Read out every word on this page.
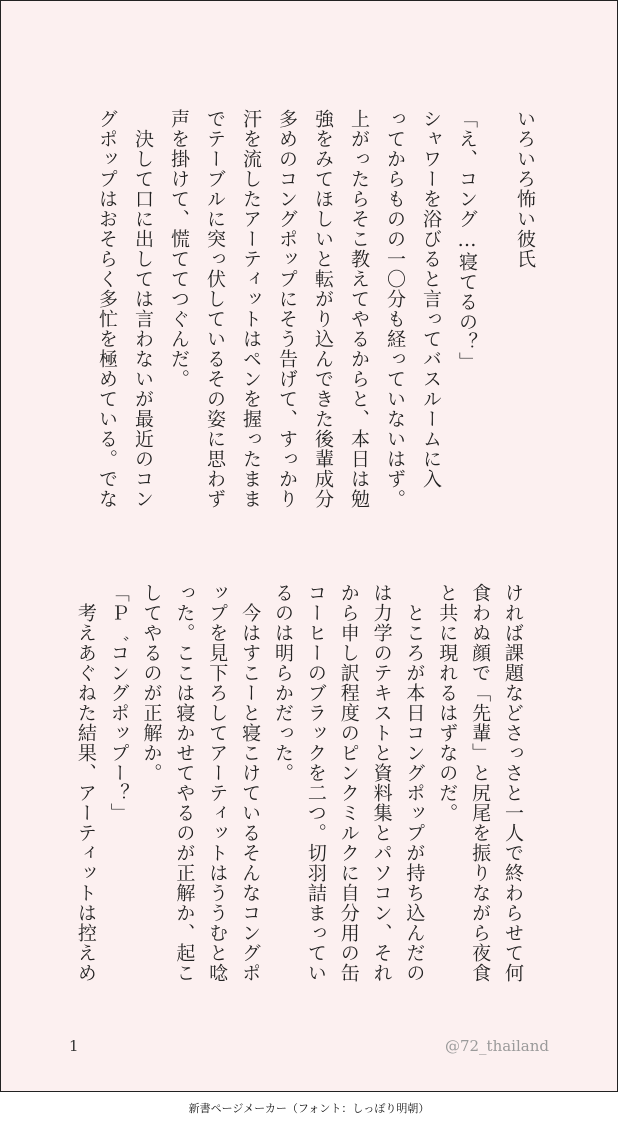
いろいろ怖い彼氏
「え、コング…寝てるの？」
シャワーを浴びると言ってバスルームに入
ってからものの一〇分も経っていないはず。
上がったらそこ教えてやるからと、本日は勉
強をみてほしいと転がり込んできた後輩成分
多めのコングポップにそう告げて、すっかり
汗を流したアーティットはペンを握ったまま
でテーブルに突っ伏しているその姿に思わず
声を掛けて、慌ててつぐんだ。
　決して口に出しては言わないが最近のコン
グポップはおそらく多忙を極めている。でな
ければ課題などさっさと一人で終わらせて何
食わぬ顔で「先輩」と尻尾を振りながら夜食
と共に現れるはずなのだ。
　ところが本日コングポップが持ち込んだの
は力学のテキストと資料集とパソコン、それ
から申し訳程度のピンクミルクに自分用の缶
コーヒーのブラックを二つ。切羽詰まってい
るのは明らかだった。
　今はすこーと寝こけているそんなコングポ
ップを見下ろしてアーティットはううむと唸
った。ここは寝かせてやるのが正解か、起こ
してやるのが正解か。
「Ｐ゛コングポップー？」
　考えあぐねた結果、アーティットは控えめ
1	@72_thailand
新書ページメーカー（フォント：しっぽり明朝）
